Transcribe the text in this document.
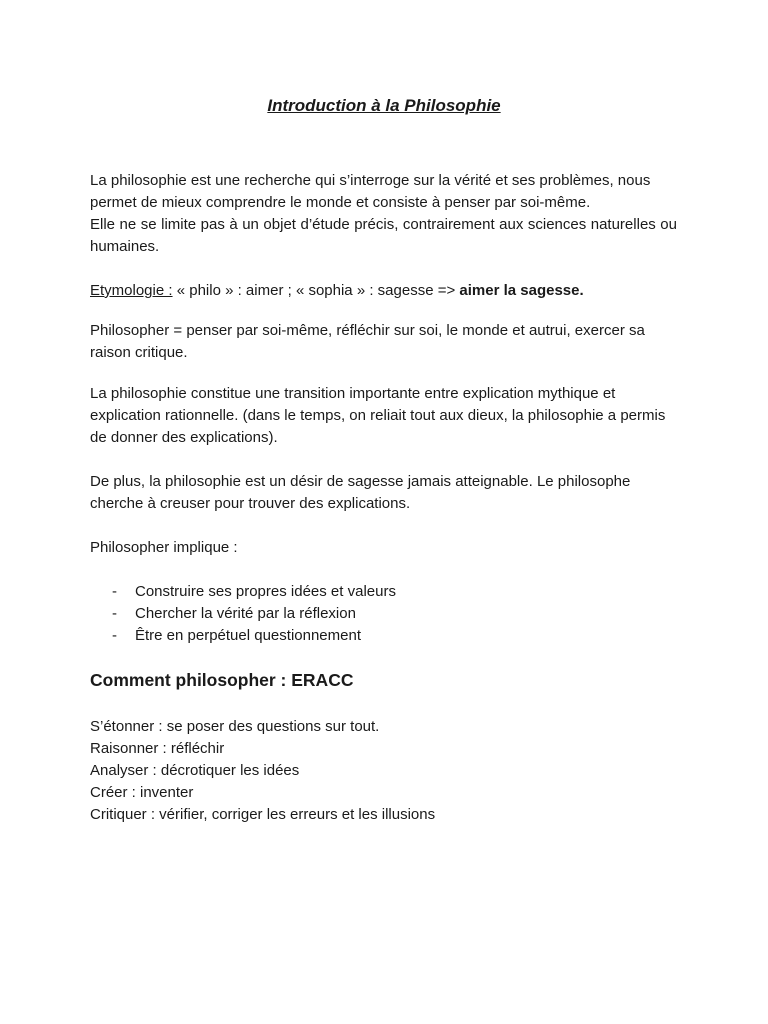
Introduction à la Philosophie
La philosophie est une recherche qui s’interroge sur la vérité et ses problèmes, nous
permet de mieux comprendre le monde et consiste à penser par soi-même.

Elle ne se limite pas à un objet d’étude précis, contrairement aux sciences naturelles ou humaines.

Etymologie : « philo » : aimer ; « sophia » : sagesse => aimer la sagesse.

Philosopher = penser par soi-même, réfléchir sur soi, le monde et autrui, exercer sa raison critique.

La philosophie constitue une transition importante entre explication mythique et explication rationnelle. (dans le temps, on reliait tout aux dieux, la philosophie a permis de donner des explications).

De plus, la philosophie est un désir de sagesse jamais atteignable. Le philosophe cherche à creuser pour trouver des explications.

Philosopher implique :

- Construire ses propres idées et valeurs
- Chercher la vérité par la réflexion
- Être en perpétuel questionnement
Comment philosopher : ERACC
S’étonner : se poser des questions sur tout.
Raisonner : réfléchir
Analyser : décrotiquer les idées
Créer : inventer
Critiquer : vérifier, corriger les erreurs et les illusions
